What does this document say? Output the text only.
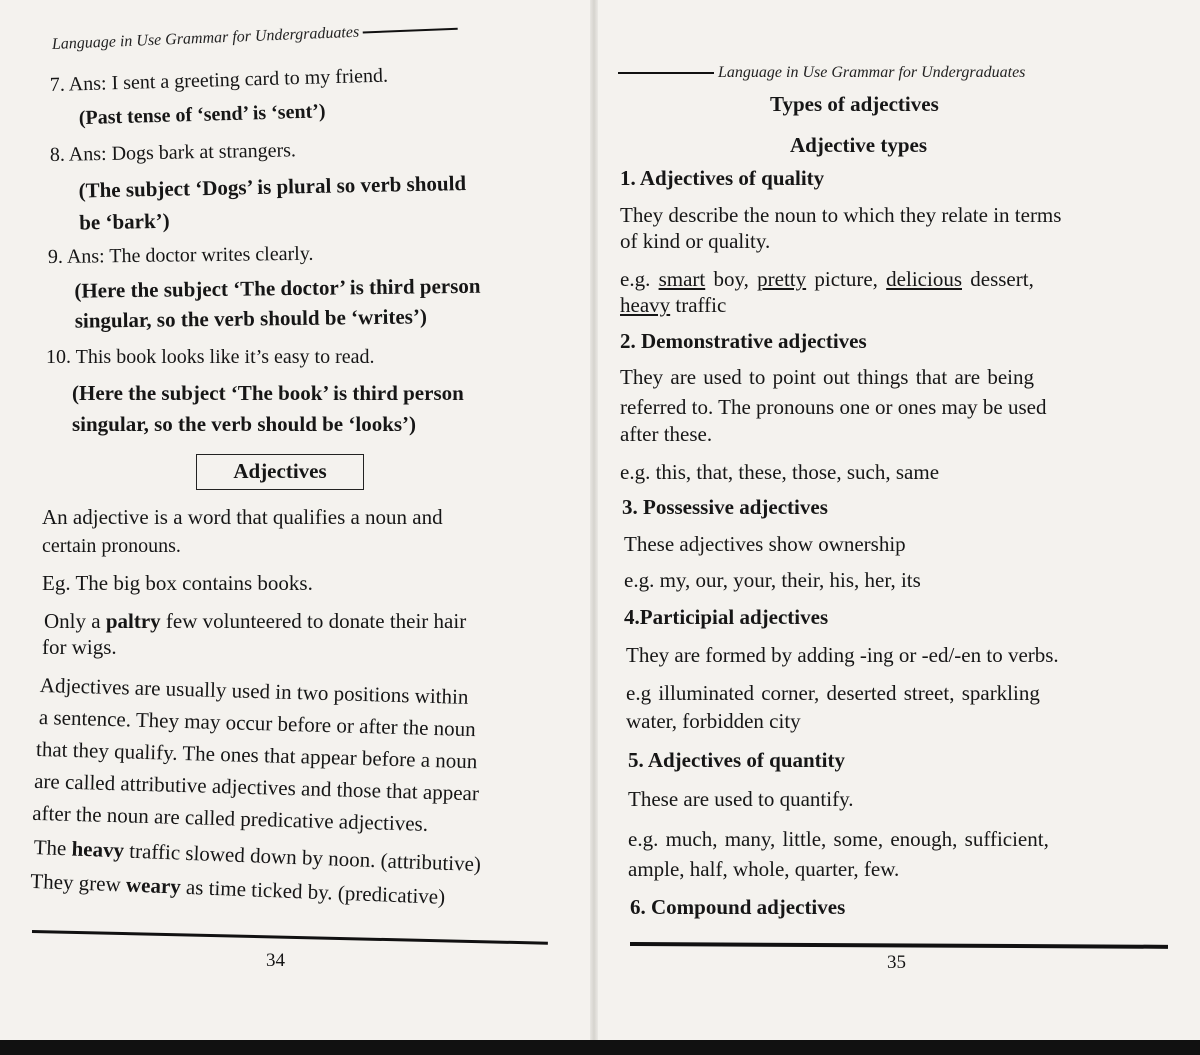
Language in Use Grammar for Undergraduates
7. Ans: I sent a greeting card to my friend.
(Past tense of ‘send’ is ‘sent’)
8. Ans: Dogs bark at strangers.
(The subject ‘Dogs’ is plural so verb should
be ‘bark’)
9. Ans: The doctor writes clearly.
(Here the subject ‘The doctor’ is third person
singular, so the verb should be ‘writes’)
10. This book looks like it’s easy to read.
(Here the subject ‘The book’ is third person
singular, so the verb should be ‘looks’)
Adjectives
An adjective is a word that qualifies a noun and
certain pronouns.
Eg. The big box contains books.
Only a paltry few volunteered to donate their hair
for wigs.
Adjectives are usually used in two positions within
a sentence. They may occur before or after the noun
that they qualify. The ones that appear before a noun
are called attributive adjectives and those that appear
after the noun are called predicative adjectives.
The heavy traffic slowed down by noon. (attributive)
They grew weary as time ticked by. (predicative)
34
Language in Use Grammar for Undergraduates
Types of adjectives
Adjective types
1. Adjectives of quality
They describe the noun to which they relate in terms
of kind or quality.
e.g. smart boy, pretty picture, delicious dessert,
heavy traffic
2. Demonstrative adjectives
They are used to point out things that are being
referred to. The pronouns one or ones may be used
after these.
e.g. this, that, these, those, such, same
3. Possessive adjectives
These adjectives show ownership
e.g. my, our, your, their, his, her, its
4.Participial adjectives
They are formed by adding -ing or -ed/-en to verbs.
e.g illuminated corner, deserted street, sparkling
water, forbidden city
5. Adjectives of quantity
These are used to quantify.
e.g. much, many, little, some, enough, sufficient,
ample, half, whole, quarter, few.
6. Compound adjectives
35
